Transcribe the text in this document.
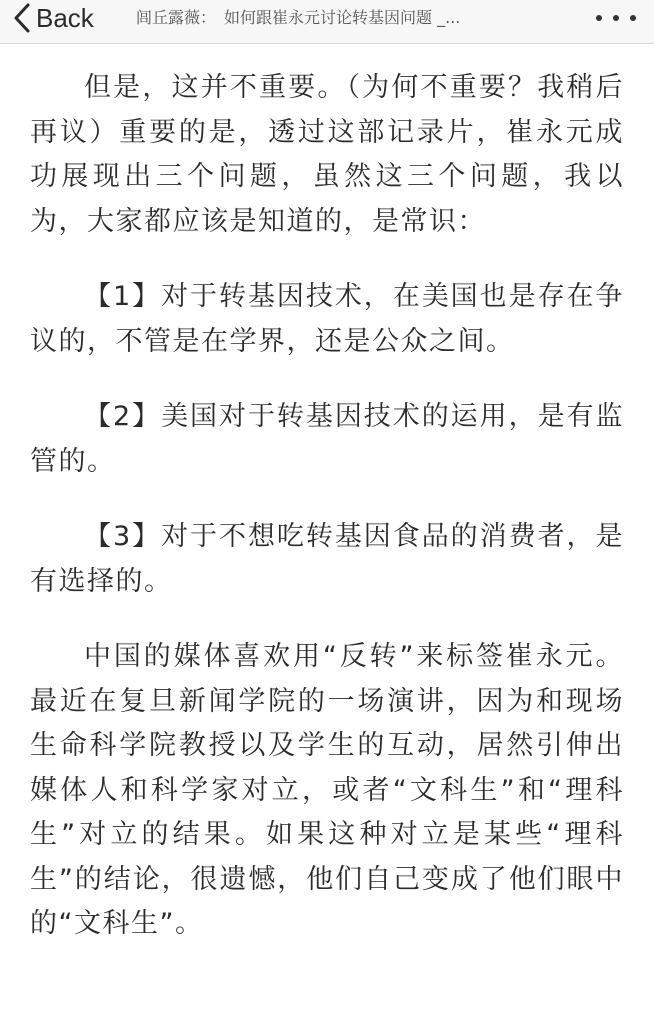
Back	闾丘露薇： 如何跟崔永元讨论转基因问题 _...

但是，这并不重要。（为何不重要？我稍后再议）重要的是，透过这部记录片，崔永元成功展现出三个问题，虽然这三个问题，我以为，大家都应该是知道的，是常识：

【1】对于转基因技术，在美国也是存在争议的，不管是在学界，还是公众之间。

【2】美国对于转基因技术的运用，是有监管的。

【3】对于不想吃转基因食品的消费者，是有选择的。

中国的媒体喜欢用“反转”来标签崔永元。最近在复旦新闻学院的一场演讲，因为和现场生命科学院教授以及学生的互动，居然引伸出媒体人和科学家对立，或者“文科生”和“理科生”对立的结果。如果这种对立是某些“理科生”的结论，很遗憾，他们自己变成了他们眼中的“文科生”。
